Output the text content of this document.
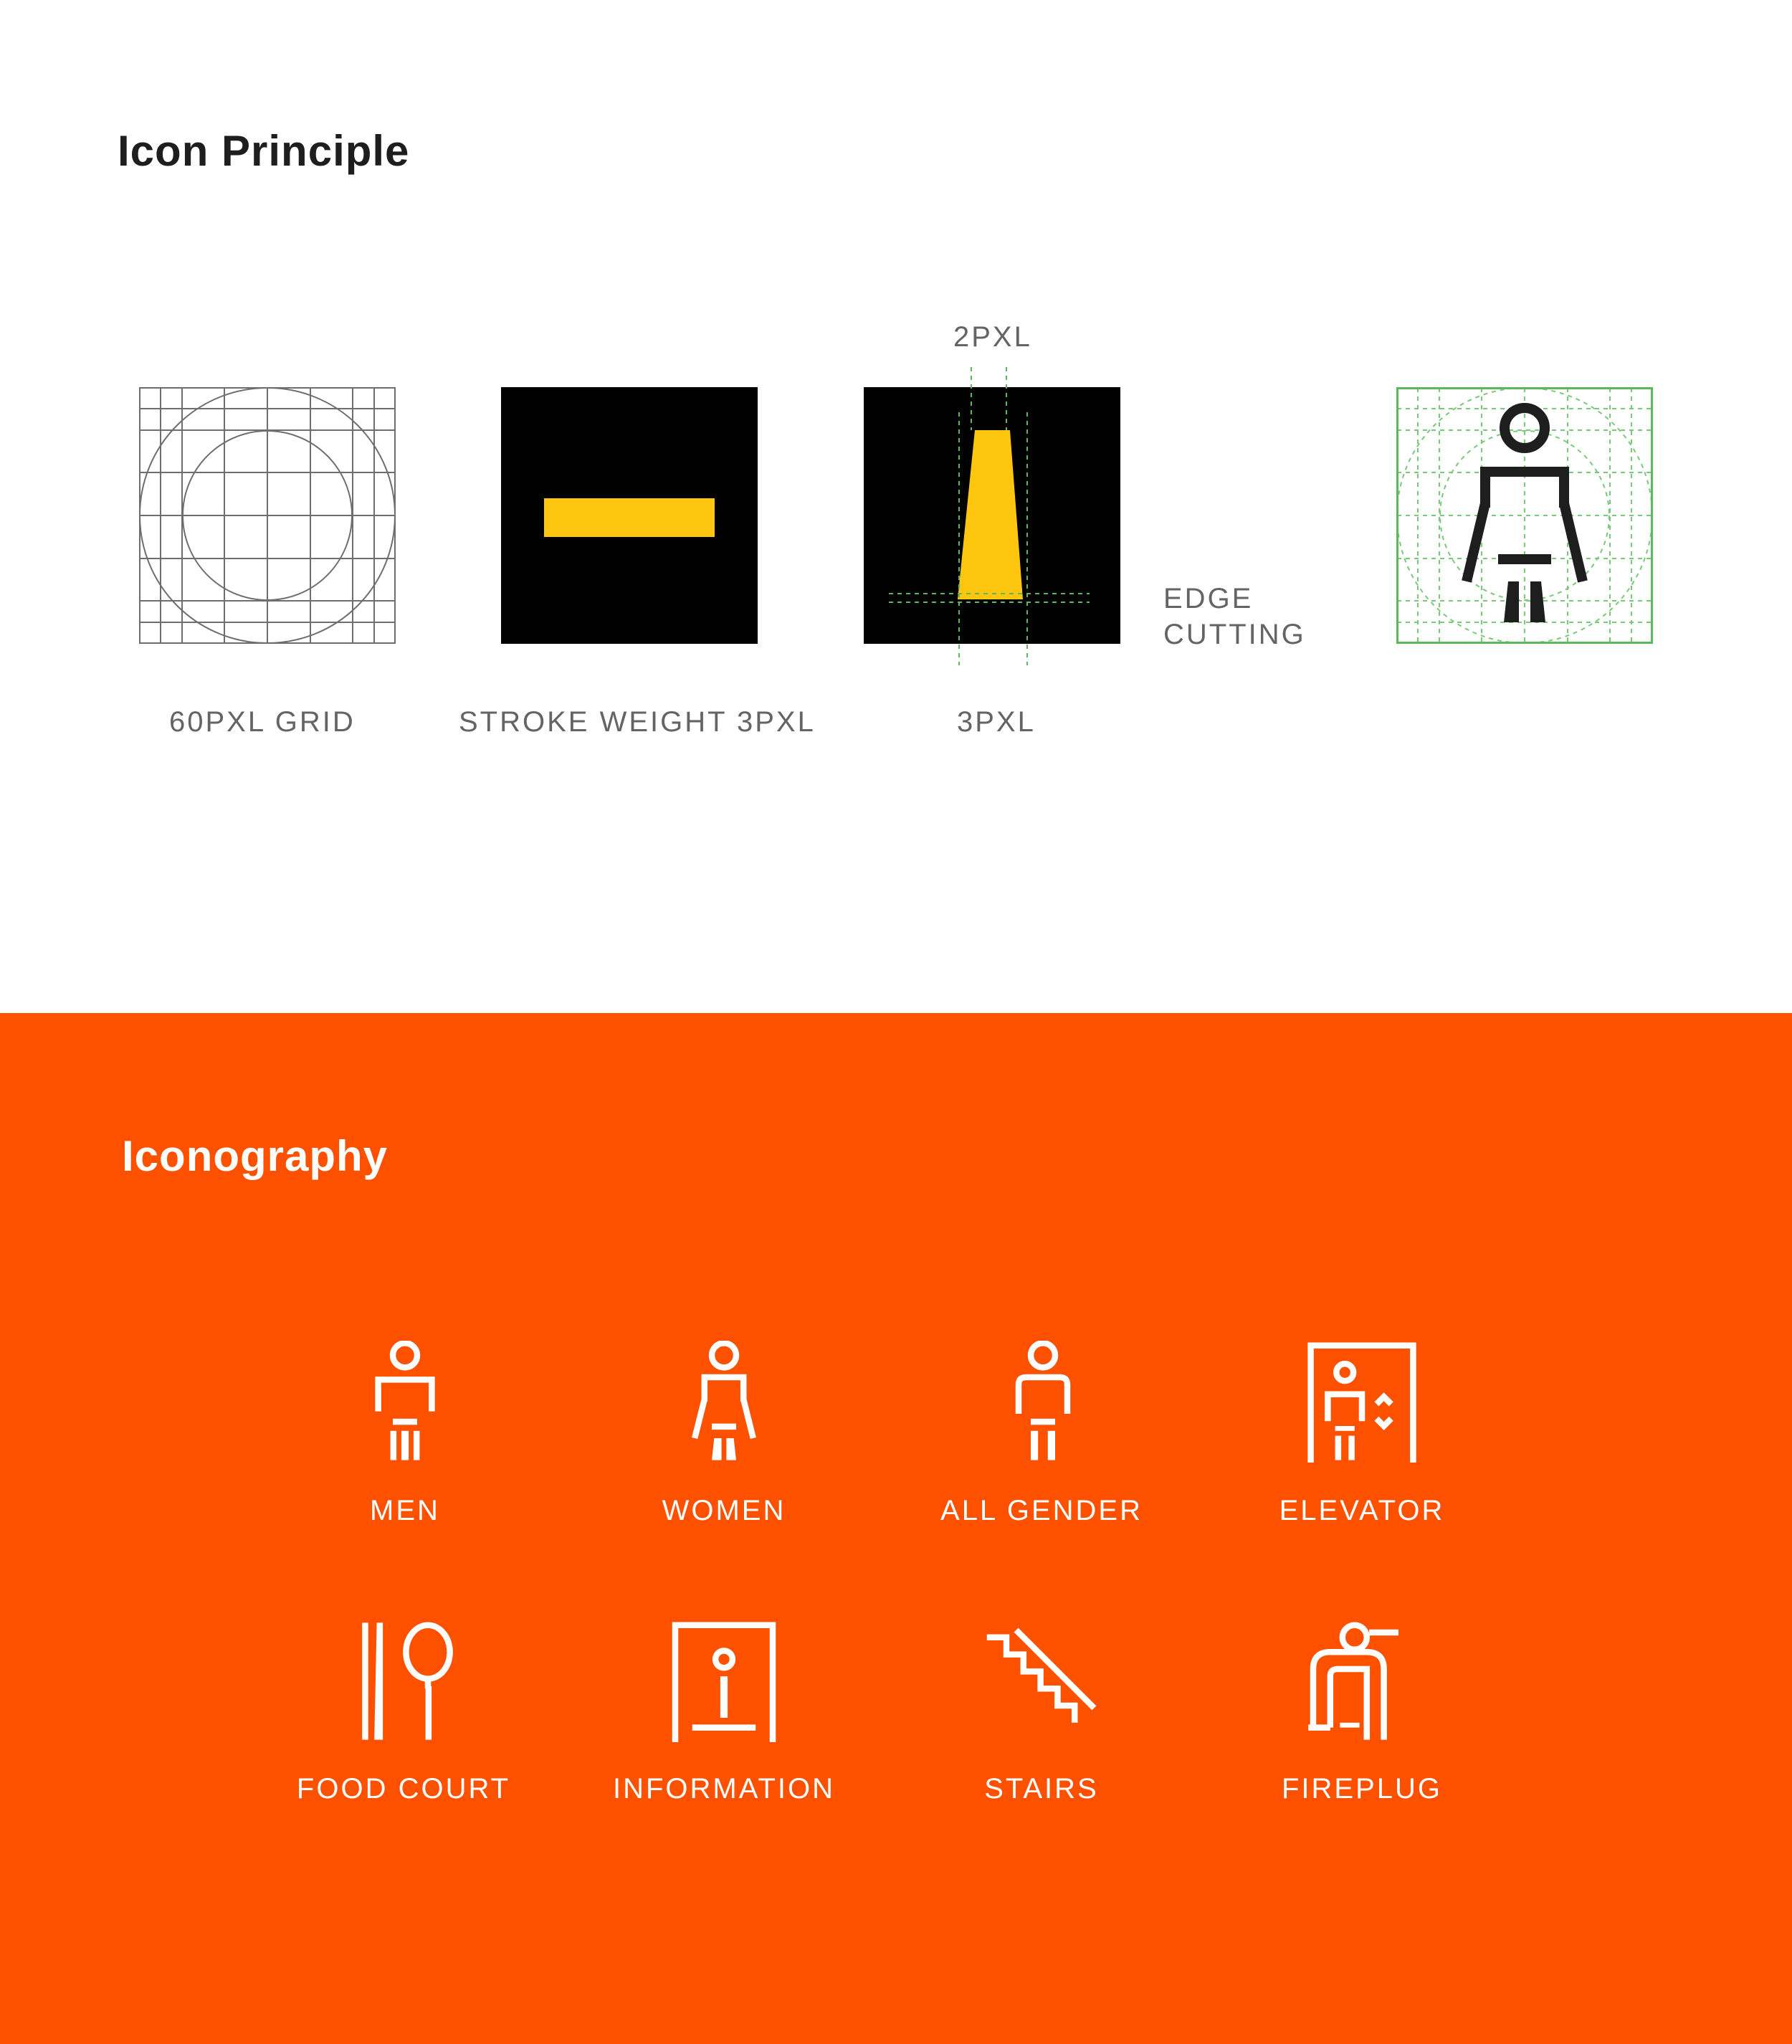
Icon Principle
60PXL GRID	STROKE WEIGHT 3PXL
2PXL
3PXL
EDGE
CUTTING
Iconography
MEN	WOMEN	ALL GENDER	ELEVATOR
FOOD COURT	INFORMATION	STAIRS	FIREPLUG
